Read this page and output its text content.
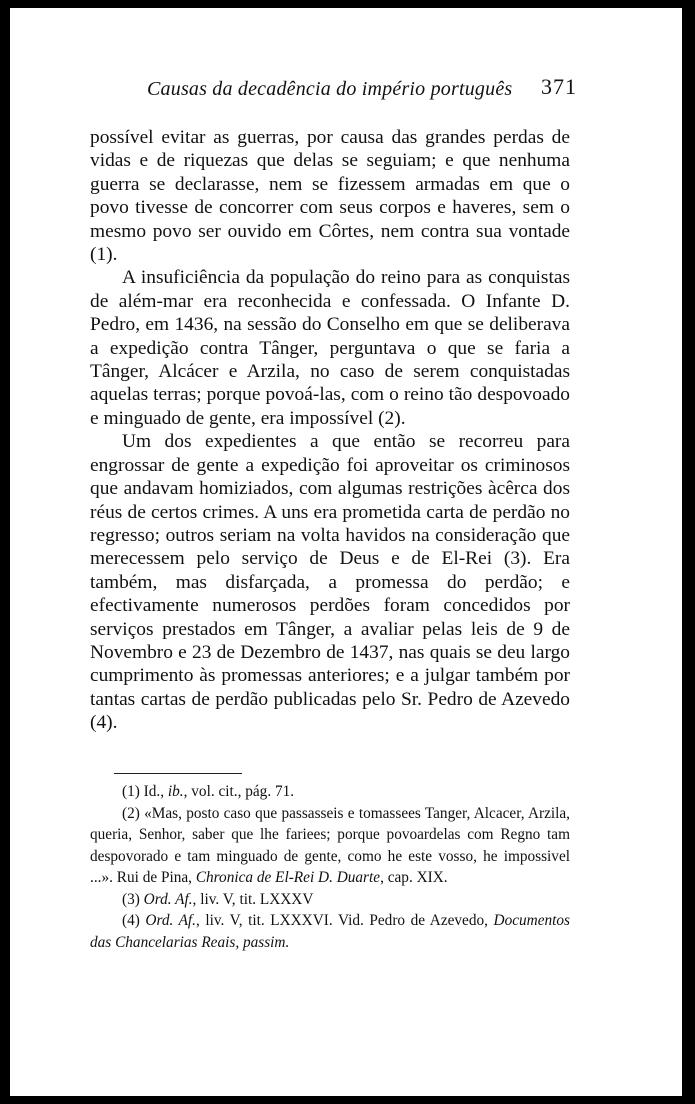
Causas da decadência do império português 371

possível evitar as guerras, por causa das grandes perdas de vidas e de riquezas que delas se seguiam; e que nenhuma guerra se declarasse, nem se fizessem armadas em que o povo tivesse de concorrer com seus corpos e haveres, sem o mesmo povo ser ouvido em Côrtes, nem contra sua vontade (1).

A insuficiência da população do reino para as conquistas de além-mar era reconhecida e confessada. O Infante D. Pedro, em 1436, na sessão do Conselho em que se deliberava a expedição contra Tânger, perguntava o que se faria a Tânger, Alcácer e Arzila, no caso de serem conquistadas aquelas terras; porque povoá-las, com o reino tão despovoado e minguado de gente, era impossível (2).

Um dos expedientes a que então se recorreu para engrossar de gente a expedição foi aproveitar os criminosos que andavam homiziados, com algumas restrições àcêrca dos réus de certos crimes. A uns era prometida carta de perdão no regresso; outros seriam na volta havidos na consideração que merecessem pelo serviço de Deus e de El-Rei (3). Era também, mas disfarçada, a promessa do perdão; e efectivamente numerosos perdões foram concedidos por serviços prestados em Tânger, a avaliar pelas leis de 9 de Novembro e 23 de Dezembro de 1437, nas quais se deu largo cumprimento às promessas anteriores; e a julgar também por tantas cartas de perdão publicadas pelo Sr. Pedro de Azevedo (4).

(1) Id., ib., vol. cit., pág. 71.

(2) «Mas, posto caso que passasseis e tomassees Tanger, Alcacer, Arzila, queria, Senhor, saber que lhe fariees; porque povoardelas com Regno tam despovorado e tam minguado de gente, como he este vosso, he impossivel ...». Rui de Pina, Chronica de El-Rei D. Duarte, cap. XIX.

(3) Ord. Af., liv. V, tit. LXXXV

(4) Ord. Af., liv. V, tit. LXXXVI. Vid. Pedro de Azevedo, Documentos das Chancelarias Reais, passim.
